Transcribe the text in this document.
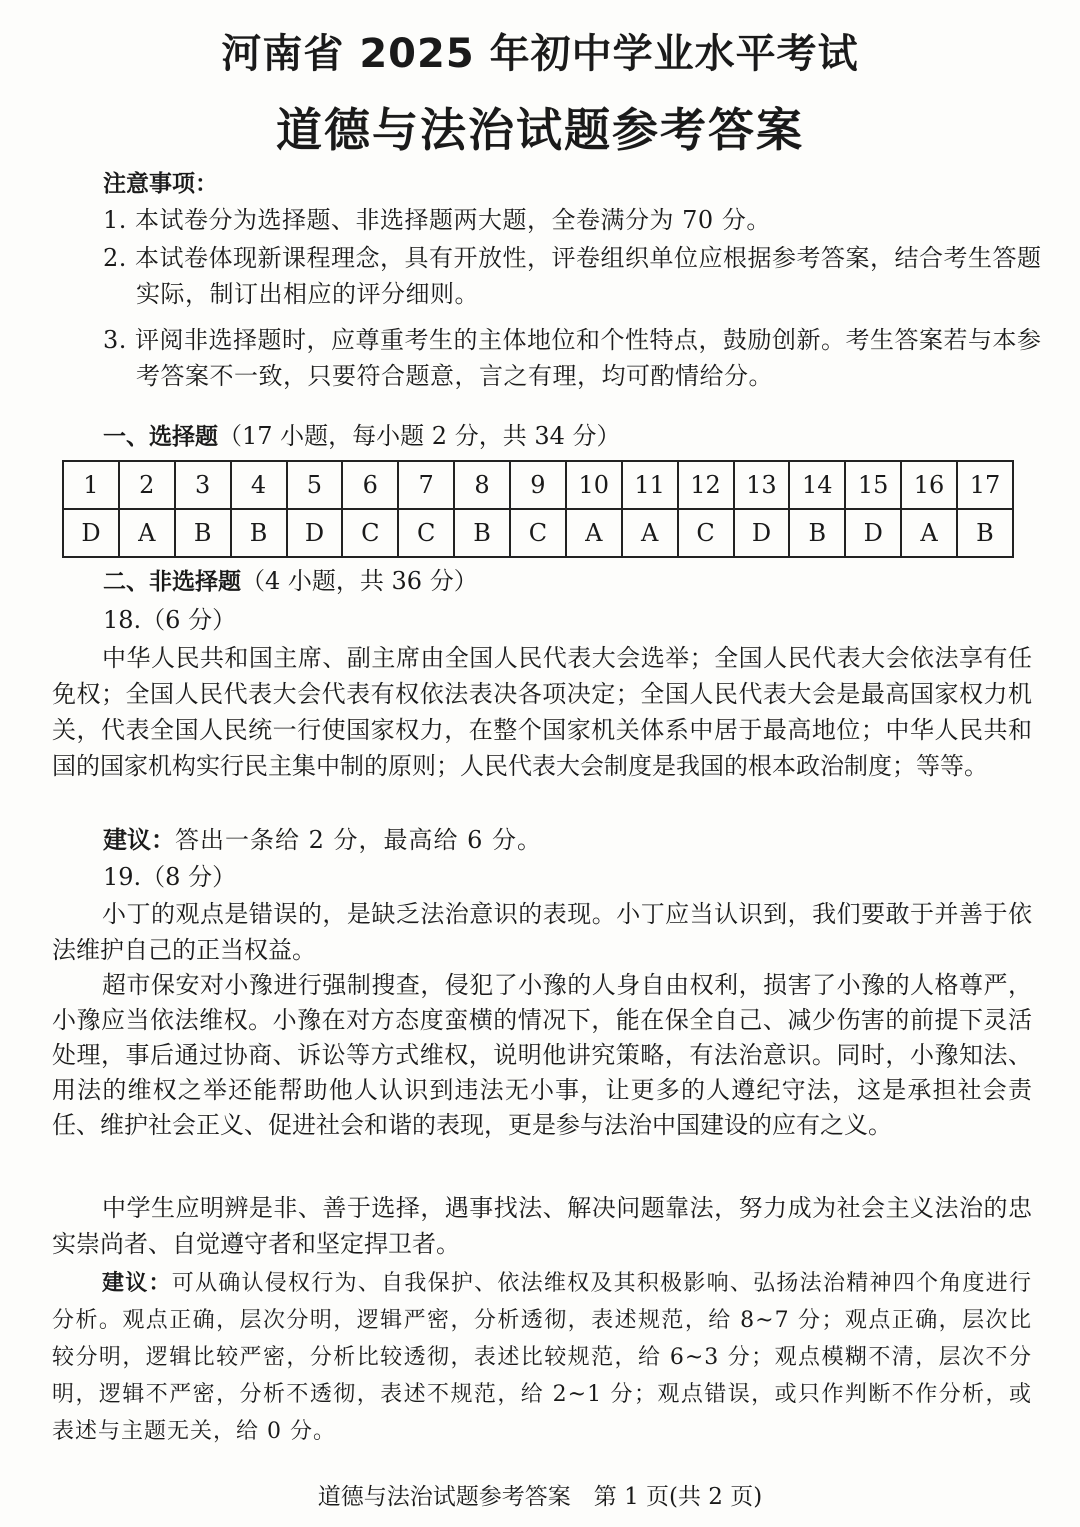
河南省 2025 年初中学业水平考试
道德与法治试题参考答案
注意事项：
1. 本试卷分为选择题、非选择题两大题，全卷满分为 70 分。
2. 本试卷体现新课程理念，具有开放性，评卷组织单位应根据参考答案，结合考生答题实际，制订出相应的评分细则。
3. 评阅非选择题时，应尊重考生的主体地位和个性特点，鼓励创新。考生答案若与本参考答案不一致，只要符合题意，言之有理，均可酌情给分。
一、选择题（17 小题，每小题 2 分，共 34 分）
1	2	3	4	5	6	7	8	9	10	11	12	13	14	15	16	17
D	A	B	B	D	C	C	B	C	A	A	C	D	B	D	A	B
二、非选择题（4 小题，共 36 分）
18.（6 分）
中华人民共和国主席、副主席由全国人民代表大会选举；全国人民代表大会依法享有任免权；全国人民代表大会代表有权依法表决各项决定；全国人民代表大会是最高国家权力机关，代表全国人民统一行使国家权力，在整个国家机关体系中居于最高地位；中华人民共和国的国家机构实行民主集中制的原则；人民代表大会制度是我国的根本政治制度；等等。
建议：答出一条给 2 分，最高给 6 分。
19.（8 分）
小丁的观点是错误的，是缺乏法治意识的表现。小丁应当认识到，我们要敢于并善于依法维护自己的正当权益。
超市保安对小豫进行强制搜查，侵犯了小豫的人身自由权利，损害了小豫的人格尊严，小豫应当依法维权。小豫在对方态度蛮横的情况下，能在保全自己、减少伤害的前提下灵活处理，事后通过协商、诉讼等方式维权，说明他讲究策略，有法治意识。同时，小豫知法、用法的维权之举还能帮助他人认识到违法无小事，让更多的人遵纪守法，这是承担社会责任、维护社会正义、促进社会和谐的表现，更是参与法治中国建设的应有之义。
中学生应明辨是非、善于选择，遇事找法、解决问题靠法，努力成为社会主义法治的忠实崇尚者、自觉遵守者和坚定捍卫者。
建议：可从确认侵权行为、自我保护、依法维权及其积极影响、弘扬法治精神四个角度进行分析。观点正确，层次分明，逻辑严密，分析透彻，表述规范，给 8~7 分；观点正确，层次比较分明，逻辑比较严密，分析比较透彻，表述比较规范，给 6~3 分；观点模糊不清，层次不分明，逻辑不严密，分析不透彻，表述不规范，给 2~1 分；观点错误，或只作判断不作分析，或表述与主题无关，给 0 分。
道德与法治试题参考答案　第 1 页(共 2 页)
